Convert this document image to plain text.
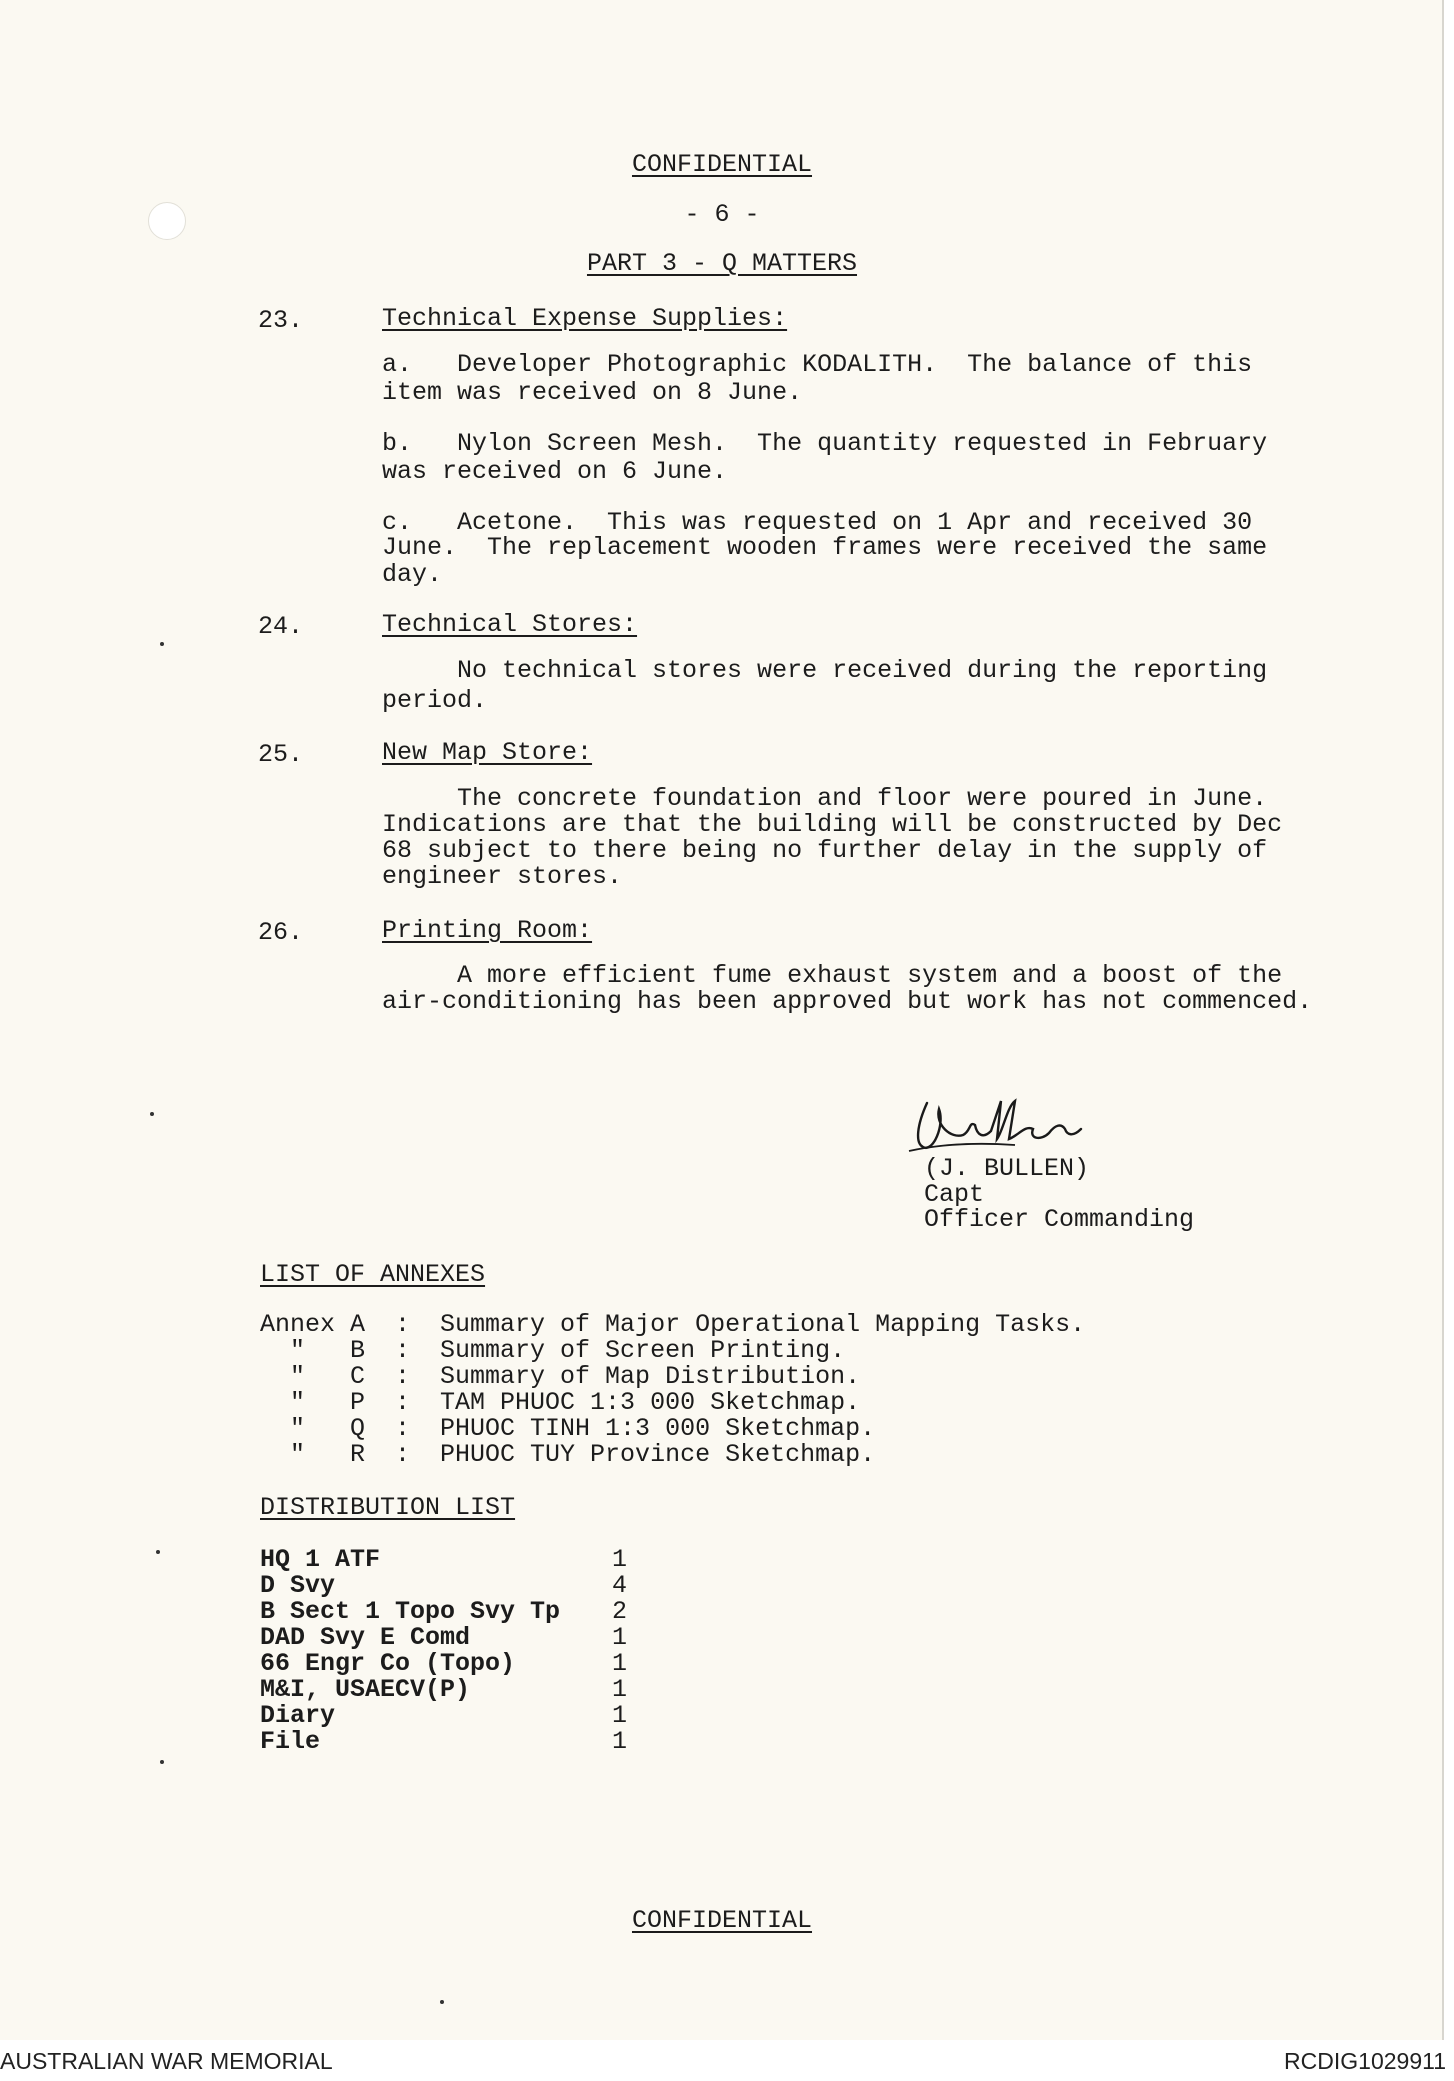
CONFIDENTIAL
- 6 -
PART 3 - Q MATTERS
23.	Technical Expense Supplies:
a.   Developer Photographic KODALITH.  The balance of this
item was received on 8 June.
b.   Nylon Screen Mesh.  The quantity requested in February
was received on 6 June.
c.   Acetone.  This was requested on 1 Apr and received 30
June.  The replacement wooden frames were received the same
day.
24.	Technical Stores:
No technical stores were received during the reporting
period.
25.	New Map Store:
The concrete foundation and floor were poured in June.
Indications are that the building will be constructed by Dec
68 subject to there being no further delay in the supply of
engineer stores.
26.	Printing Room:
A more efficient fume exhaust system and a boost of the
air-conditioning has been approved but work has not commenced.
(J. BULLEN)
Capt
Officer Commanding
LIST OF ANNEXES
Annex A  :  Summary of Major Operational Mapping Tasks.
"   B  :  Summary of Screen Printing.
"   C  :  Summary of Map Distribution.
"   P  :  TAM PHUOC 1:3 000 Sketchmap.
"   Q  :  PHUOC TINH 1:3 000 Sketchmap.
"   R  :  PHUOC TUY Province Sketchmap.
DISTRIBUTION LIST
HQ 1 ATF	1
D Svy	4
B Sect 1 Topo Svy Tp 2
DAD Svy E Comd	1
66 Engr Co (Topo)	1
M&I, USAECV(P)	1
Diary	1
File	1
CONFIDENTIAL
AUSTRALIAN WAR MEMORIAL	RCDIG1029911
